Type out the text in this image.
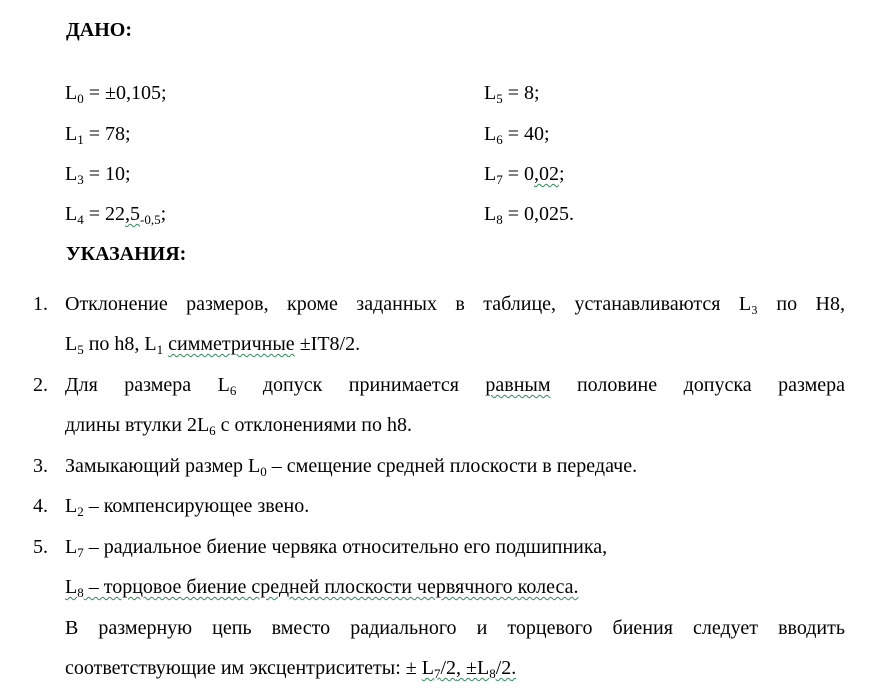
ДАНО:
$L_0 = \pm 0,105$;
$L_1 = 78$;
$L_3 = 10$;
$L_4 = 22,5_{-0,5}$;
$L_5 = 8$;
$L_6 = 40$;
$L_7 = 0,02$;
$L_8 = 0,025$.
УКАЗАНИЯ:
1. Отклонение размеров, кроме заданных в таблице, устанавливаются L₃ по H8,
$L_5$ по h8, $L_1$ симметричные ±IT8/2.
2. Для размера $L_6$ допуск принимается равным половине допуска размера
длины втулки $2L_6$ с отклонениями по h8.
3. Замыкающий размер $L_0$ – смещение средней плоскости в передаче.
4. $L_2$ – компенсирующее звено.
5. $L_7$ – радиальное биение червяка относительно его подшипника,
$L_8$ – торцовое биение средней плоскости червячного колеса.
В размерную цепь вместо радиального и торцевого биения следует вводить
соответствующие им эксцентриситеты: ± $L_7/2$, $\pm L_8/2$.
